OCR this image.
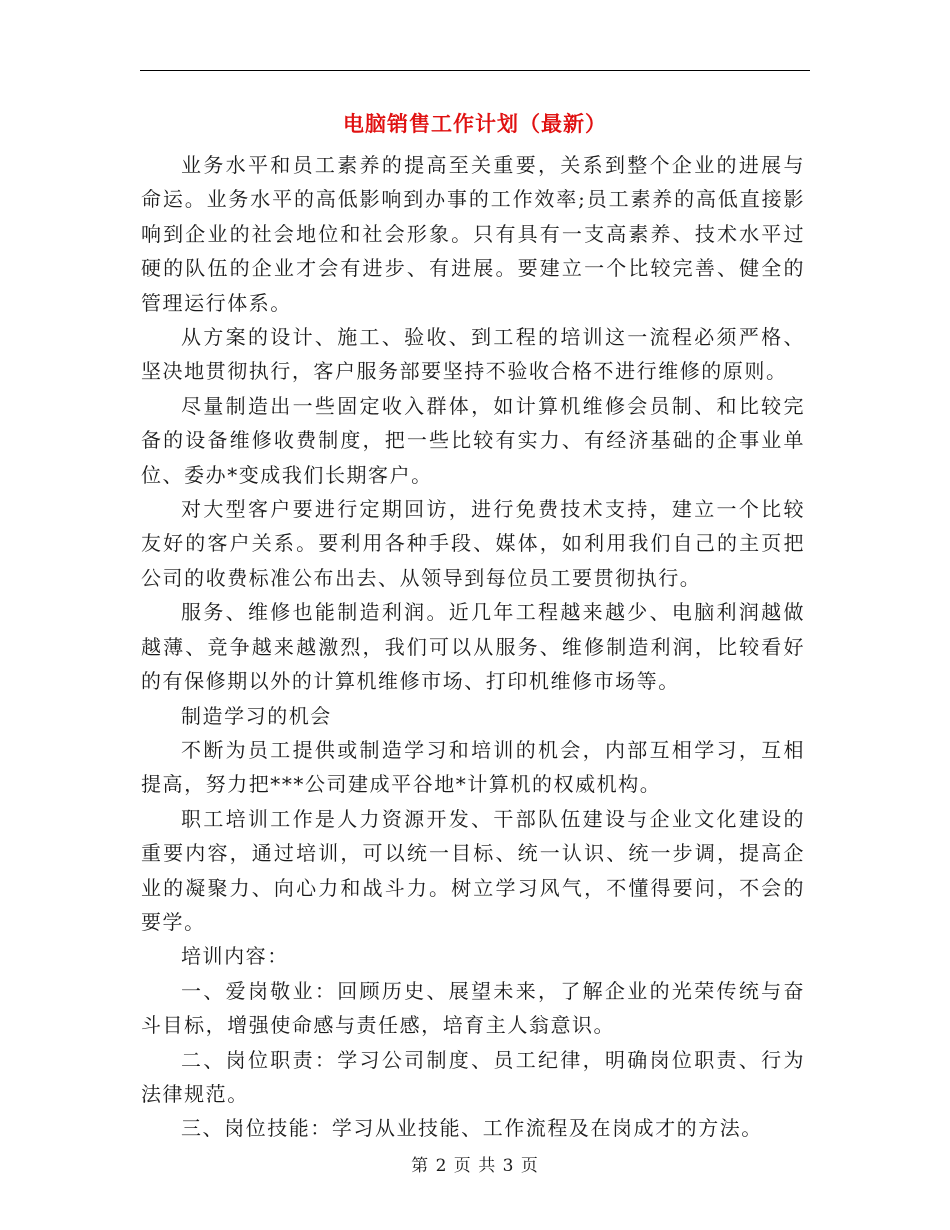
电脑销售工作计划（最新）

业务水平和员工素养的提高至关重要，关系到整个企业的进展与命运。业务水平的高低影响到办事的工作效率;员工素养的高低直接影响到企业的社会地位和社会形象。只有具有一支高素养、技术水平过硬的队伍的企业才会有进步、有进展。要建立一个比较完善、健全的管理运行体系。

从方案的设计、施工、验收、到工程的培训这一流程必须严格、坚决地贯彻执行，客户服务部要坚持不验收合格不进行维修的原则。

尽量制造出一些固定收入群体，如计算机维修会员制、和比较完备的设备维修收费制度，把一些比较有实力、有经济基础的企事业单位、委办*变成我们长期客户。

对大型客户要进行定期回访，进行免费技术支持，建立一个比较友好的客户关系。要利用各种手段、媒体，如利用我们自己的主页把公司的收费标准公布出去、从领导到每位员工要贯彻执行。

服务、维修也能制造利润。近几年工程越来越少、电脑利润越做越薄、竞争越来越激烈，我们可以从服务、维修制造利润，比较看好的有保修期以外的计算机维修市场、打印机维修市场等。

制造学习的机会

不断为员工提供或制造学习和培训的机会，内部互相学习，互相提高，努力把***公司建成平谷地*计算机的权威机构。

职工培训工作是人力资源开发、干部队伍建设与企业文化建设的重要内容，通过培训，可以统一目标、统一认识、统一步调，提高企业的凝聚力、向心力和战斗力。树立学习风气，不懂得要问，不会的要学。

培训内容：

一、爱岗敬业：回顾历史、展望未来，了解企业的光荣传统与奋斗目标，增强使命感与责任感，培育主人翁意识。

二、岗位职责：学习公司制度、员工纪律，明确岗位职责、行为法律规范。

三、岗位技能：学习从业技能、工作流程及在岗成才的方法。

第 2 页 共 3 页
